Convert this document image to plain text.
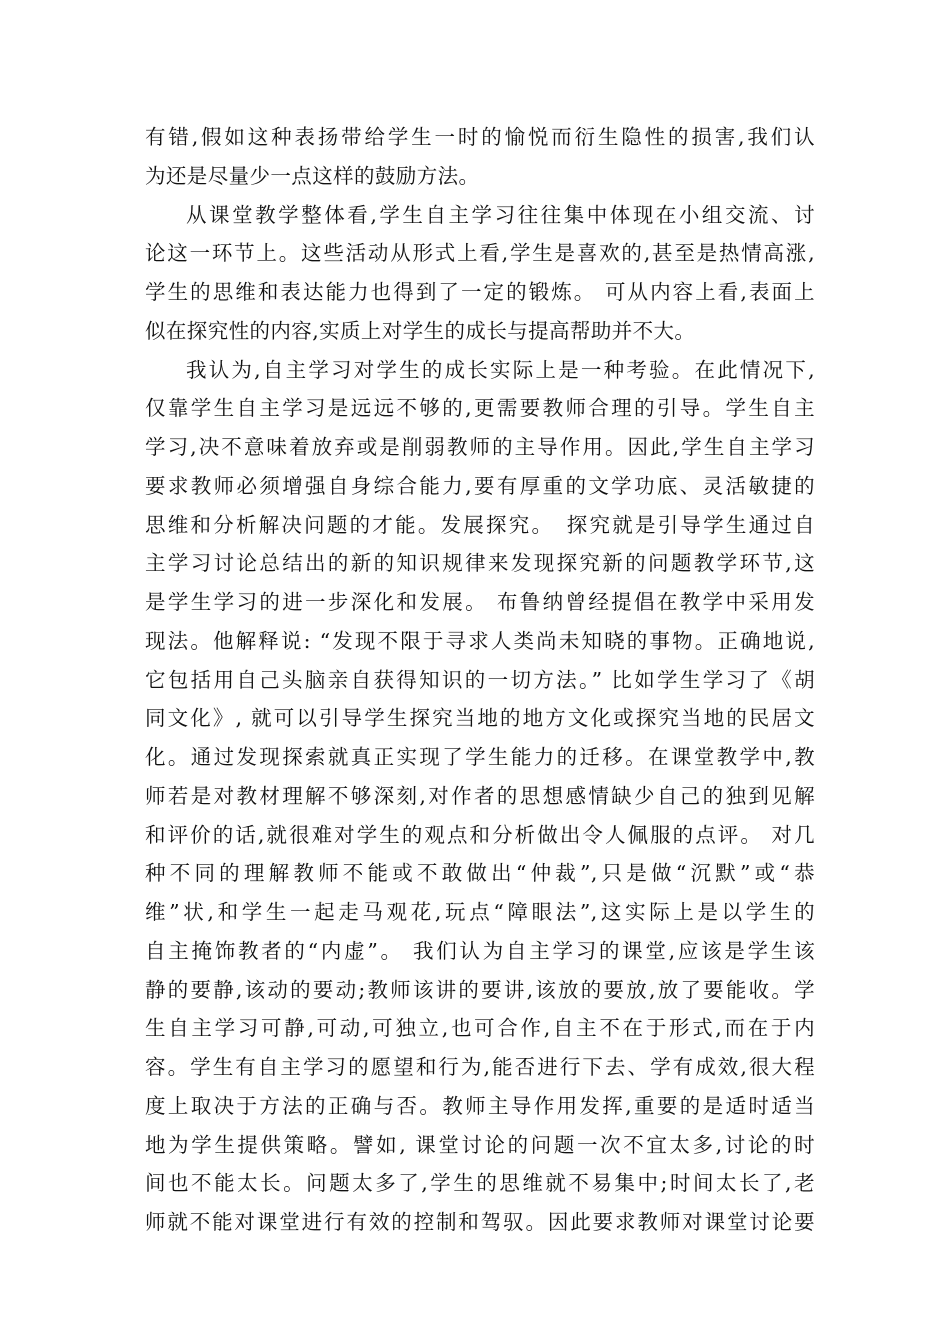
有错,假如这种表扬带给学生一时的愉悦而衍生隐性的损害,我们认
为还是尽量少一点这样的鼓励方法。
从课堂教学整体看,学生自主学习往往集中体现在小组交流、讨
论这一环节上。这些活动从形式上看,学生是喜欢的,甚至是热情高涨,
学生的思维和表达能力也得到了一定的锻炼。 可从内容上看,表面上
似在探究性的内容,实质上对学生的成长与提高帮助并不大。
我认为,自主学习对学生的成长实际上是一种考验。在此情况下,
仅靠学生自主学习是远远不够的,更需要教师合理的引导。学生自主
学习,决不意味着放弃或是削弱教师的主导作用。因此,学生自主学习
要求教师必须增强自身综合能力,要有厚重的文学功底、灵活敏捷的
思维和分析解决问题的才能。发展探究。　探究就是引导学生通过自
主学习讨论总结出的新的知识规律来发现探究新的问题教学环节,这
是学生学习的进一步深化和发展。 布鲁纳曾经提倡在教学中采用发
现法。他解释说: “发现不限于寻求人类尚未知晓的事物。正确地说,
它包括用自己头脑亲自获得知识的一切方法。” 比如学生学习了《胡
同文化》, 就可以引导学生探究当地的地方文化或探究当地的民居文
化。通过发现探索就真正实现了学生能力的迁移。在课堂教学中,教
师若是对教材理解不够深刻,对作者的思想感情缺少自己的独到见解
和评价的话,就很难对学生的观点和分析做出令人佩服的点评。 对几
种不同的理解教师不能或不敢做出“仲裁”,只是做“沉默”或“恭
维”状,和学生一起走马观花,玩点“障眼法”,这实际上是以学生的
自主掩饰教者的“内虚”。 我们认为自主学习的课堂,应该是学生该
静的要静,该动的要动;教师该讲的要讲,该放的要放,放了要能收。学
生自主学习可静,可动,可独立,也可合作,自主不在于形式,而在于内
容。学生有自主学习的愿望和行为,能否进行下去、学有成效,很大程
度上取决于方法的正确与否。教师主导作用发挥,重要的是适时适当
地为学生提供策略。譬如, 课堂讨论的问题一次不宜太多,讨论的时
间也不能太长。问题太多了,学生的思维就不易集中;时间太长了,老
师就不能对课堂进行有效的控制和驾驭。因此要求教师对课堂讨论要
